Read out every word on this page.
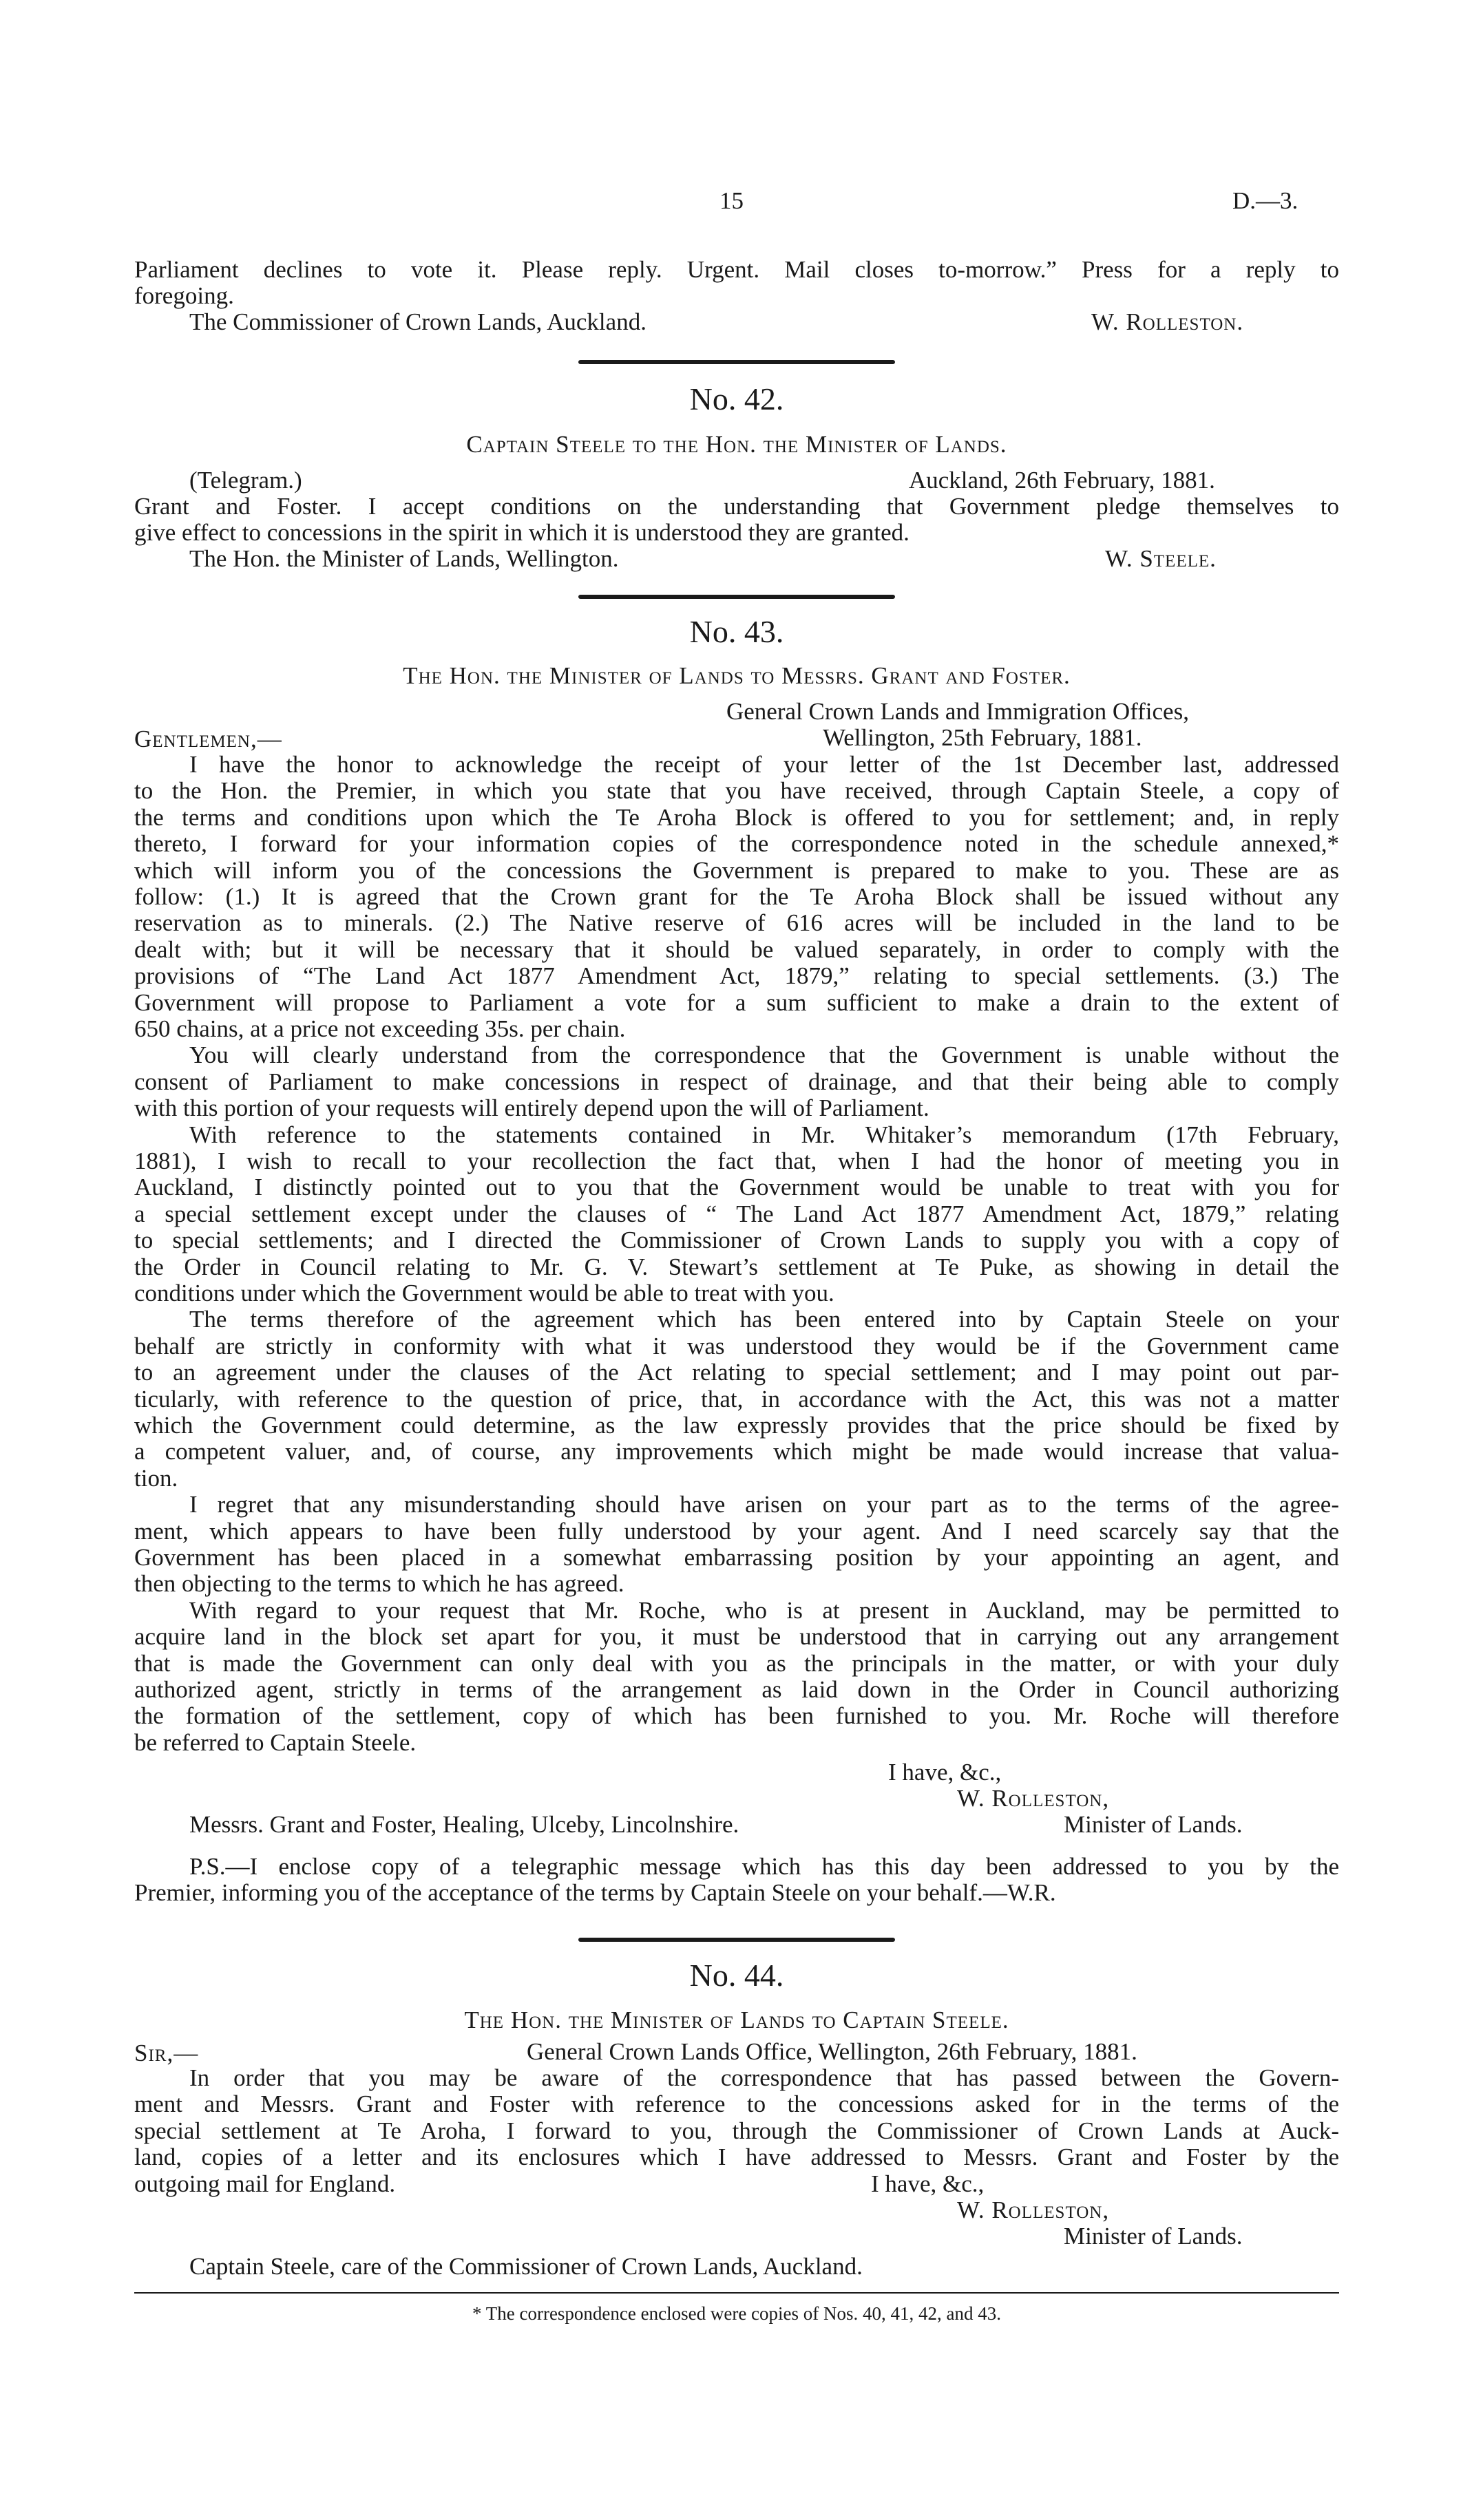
15	D.—3.
Parliament declines to vote it. Please reply. Urgent. Mail closes to-morrow.” Press for a reply to
foregoing.
The Commissioner of Crown Lands, Auckland.	W. Rolleston.
No. 42.
Captain Steele to the Hon. the Minister of Lands.
(Telegram.)	Auckland, 26th February, 1881.
Grant and Foster. I accept conditions on the understanding that Government pledge themselves to
give effect to concessions in the spirit in which it is understood they are granted.
The Hon. the Minister of Lands, Wellington.	W. Steele.
No. 43.
The Hon. the Minister of Lands to Messrs. Grant and Foster.
General Crown Lands and Immigration Offices,
Gentlemen,—	Wellington, 25th February, 1881.
I have the honor to acknowledge the receipt of your letter of the 1st December last, addressed
to the Hon. the Premier, in which you state that you have received, through Captain Steele, a copy of
the terms and conditions upon which the Te Aroha Block is offered to you for settlement; and, in reply
thereto, I forward for your information copies of the correspondence noted in the schedule annexed,*
which will inform you of the concessions the Government is prepared to make to you. These are as
follow: (1.) It is agreed that the Crown grant for the Te Aroha Block shall be issued without any
reservation as to minerals. (2.) The Native reserve of 616 acres will be included in the land to be
dealt with; but it will be necessary that it should be valued separately, in order to comply with the
provisions of “The Land Act 1877 Amendment Act, 1879,” relating to special settlements. (3.) The
Government will propose to Parliament a vote for a sum sufficient to make a drain to the extent of
650 chains, at a price not exceeding 35s. per chain.
You will clearly understand from the correspondence that the Government is unable without the
consent of Parliament to make concessions in respect of drainage, and that their being able to comply
with this portion of your requests will entirely depend upon the will of Parliament.
With reference to the statements contained in Mr. Whitaker’s memorandum (17th February,
1881), I wish to recall to your recollection the fact that, when I had the honor of meeting you in
Auckland, I distinctly pointed out to you that the Government would be unable to treat with you for
a special settlement except under the clauses of “ The Land Act 1877 Amendment Act, 1879,” relating
to special settlements; and I directed the Commissioner of Crown Lands to supply you with a copy of
the Order in Council relating to Mr. G. V. Stewart’s settlement at Te Puke, as showing in detail the
conditions under which the Government would be able to treat with you.
The terms therefore of the agreement which has been entered into by Captain Steele on your
behalf are strictly in conformity with what it was understood they would be if the Government came
to an agreement under the clauses of the Act relating to special settlement; and I may point out par-
ticularly, with reference to the question of price, that, in accordance with the Act, this was not a matter
which the Government could determine, as the law expressly provides that the price should be fixed by
a competent valuer, and, of course, any improvements which might be made would increase that valua-
tion.
I regret that any misunderstanding should have arisen on your part as to the terms of the agree-
ment, which appears to have been fully understood by your agent. And I need scarcely say that the
Government has been placed in a somewhat embarrassing position by your appointing an agent, and
then objecting to the terms to which he has agreed.
With regard to your request that Mr. Roche, who is at present in Auckland, may be permitted to
acquire land in the block set apart for you, it must be understood that in carrying out any arrangement
that is made the Government can only deal with you as the principals in the matter, or with your duly
authorized agent, strictly in terms of the arrangement as laid down in the Order in Council authorizing
the formation of the settlement, copy of which has been furnished to you. Mr. Roche will therefore
be referred to Captain Steele.
I have, &c.,
W. Rolleston,
Messrs. Grant and Foster, Healing, Ulceby, Lincolnshire.	Minister of Lands.
P.S.—I enclose copy of a telegraphic message which has this day been addressed to you by the
Premier, informing you of the acceptance of the terms by Captain Steele on your behalf.—W.R.
No. 44.
The Hon. the Minister of Lands to Captain Steele.
Sir,—	General Crown Lands Office, Wellington, 26th February, 1881.
In order that you may be aware of the correspondence that has passed between the Govern-
ment and Messrs. Grant and Foster with reference to the concessions asked for in the terms of the
special settlement at Te Aroha, I forward to you, through the Commissioner of Crown Lands at Auck-
land, copies of a letter and its enclosures which I have addressed to Messrs. Grant and Foster by the
outgoing mail for England.	I have, &c.,
W. Rolleston,
Minister of Lands.
Captain Steele, care of the Commissioner of Crown Lands, Auckland.
* The correspondence enclosed were copies of Nos. 40, 41, 42, and 43.
